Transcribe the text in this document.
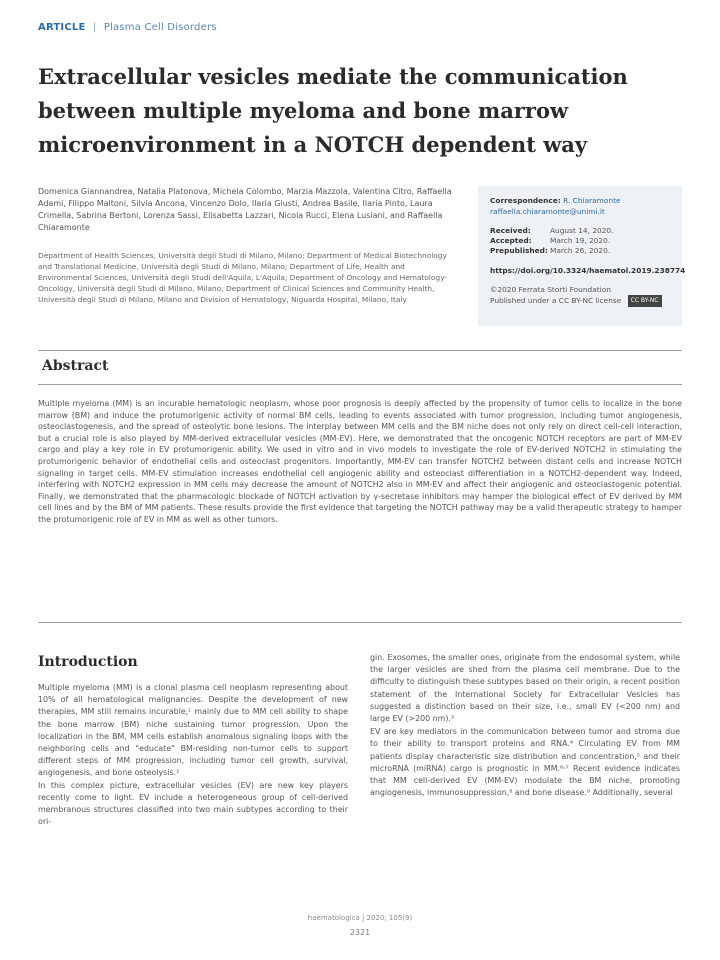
ARTICLE | Plasma Cell Disorders
Extracellular vesicles mediate the communication between multiple myeloma and bone marrow microenvironment in a NOTCH dependent way

Domenica Giannandrea, Natalia Platonova, Michela Colombo, Marzia Mazzola, Valentina Citro, Raffaella Adami, Filippo Maltoni, Silvia Ancona, Vincenzo Dolo, Ilaria Giusti, Andrea Basile, Ilaria Pinto, Laura Crimella, Sabrina Bertoni, Lorenza Sassi, Elisabetta Lazzari, Nicola Rucci, Elena Lusiani, and Raffaella Chiaramonte

Department of Health Sciences, Università degli Studi di Milano, Milano; Department of Medical Biotechnology and Translational Medicine, Università degli Studi di Milano, Milano; Department of Life, Health and Environmental Sciences, Università degli Studi dell'Aquila, L'Aquila; Department of Oncology and Hematology-Oncology, Università degli Studi di Milano, Milano; Department of Clinical Sciences and Community Health, Università degli Studi di Milano, Milano and Division of Hematology, Niguarda Hospital, Milano, Italy

Correspondence: R. Chiaramonte
raffaella.chiaramonte@unimi.it
Received:	August 14, 2020.
Accepted:	March 19, 2020.
Prepublished: March 26, 2020.
https://doi.org/10.3324/haematol.2019.238774
©2020 Ferrata Storti Foundation
Published under a CC BY-NC license CC BY-NC
Abstract

Multiple myeloma (MM) is an incurable hematologic neoplasm, whose poor prognosis is deeply affected by the propensity of tumor cells to localize in the bone marrow (BM) and induce the protumorigenic activity of normal BM cells, leading to events associated with tumor progression, including tumor angiogenesis, osteoclastogenesis, and the spread of osteolytic bone lesions. The interplay between MM cells and the BM niche does not only rely on direct cell-cell interaction, but a crucial role is also played by MM-derived extracellular vesicles (MM-EV). Here, we demonstrated that the oncogenic NOTCH receptors are part of MM-EV cargo and play a key role in EV protumorigenic ability. We used in vitro and in vivo models to investigate the role of EV-derived NOTCH2 in stimulating the protumorigenic behavior of endothelial cells and osteoclast progenitors. Importantly, MM-EV can transfer NOTCH2 between distant cells and increase NOTCH signaling in target cells. MM-EV stimulation increases endothelial cell angiogenic ability and osteoclast differentiation in a NOTCH2-dependent way. Indeed, interfering with NOTCH2 expression in MM cells may decrease the amount of NOTCH2 also in MM-EV and affect their angiogenic and osteoclastogenic potential. Finally, we demonstrated that the pharmacologic blockade of NOTCH activation by γ-secretase inhibitors may hamper the biological effect of EV derived by MM cell lines and by the BM of MM patients. These results provide the first evidence that targeting the NOTCH pathway may be a valid therapeutic strategy to hamper the protumorigenic role of EV in MM as well as other tumors.

Introduction

Multiple myeloma (MM) is a clonal plasma cell neoplasm representing about 10% of all hematological malignancies. Despite the development of new therapies, MM still remains incurable,¹ mainly due to MM cell ability to shape the bone marrow (BM) niche sustaining tumor progression. Upon the localization in the BM, MM cells establish anomalous signaling loops with the neighboring cells and "educate" BM-residing non-tumor cells to support different steps of MM progression, including tumor cell growth, survival, angiogenesis, and bone osteolysis.²

In this complex picture, extracellular vesicles (EV) are new key players recently come to light. EV include a heterogeneous group of cell-derived membranous structures classified into two main subtypes according to their ori-

gin. Exosomes, the smaller ones, originate from the endosomal system, while the larger vesicles are shed from the plasma cell membrane. Due to the difficulty to distinguish these subtypes based on their origin, a recent position statement of the International Society for Extracellular Vesicles has suggested a distinction based on their size, i.e., small EV (<200 nm) and large EV (>200 nm).³

EV are key mediators in the communication between tumor and stroma due to their ability to transport proteins and RNA.⁴ Circulating EV from MM patients display characteristic size distribution and concentration,⁵ and their microRNA (miRNA) cargo is prognostic in MM.⁶˒⁷ Recent evidence indicates that MM cell-derived EV (MM-EV) modulate the BM niche, promoting angiogenesis, immunosuppression,⁸ and bone disease.⁹ Additionally, several

haematologica | 2020; 105(9)
2321
